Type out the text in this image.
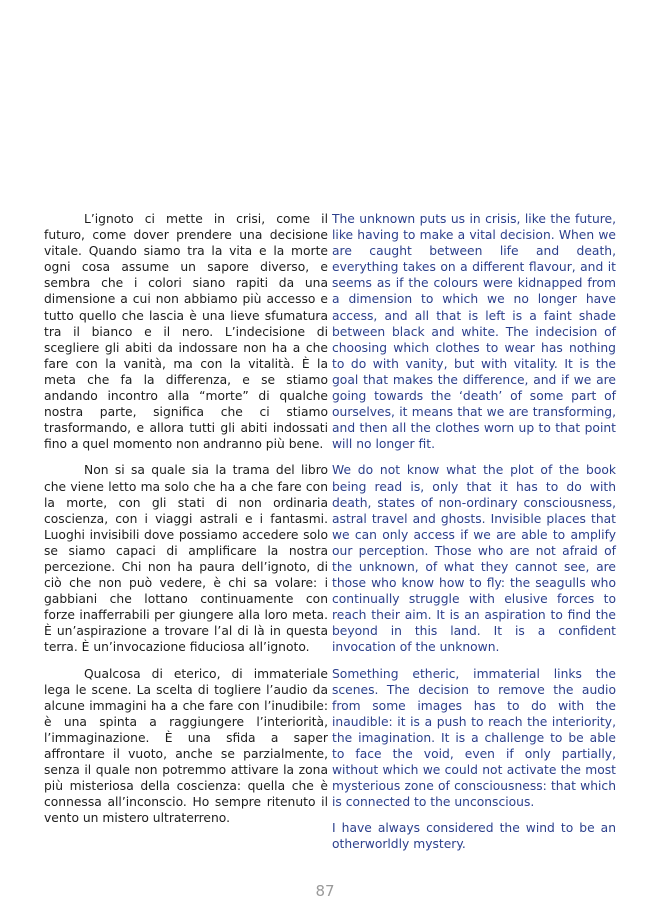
L’ignoto ci mette in crisi, come il futuro, come dover prendere una decisione vitale. Quando siamo tra la vita e la morte ogni cosa assume un sapore diverso, e sembra che i colori siano rapiti da una dimensione a cui non abbiamo più accesso e tutto quello che lascia è una lieve sfumatura tra il bianco e il nero. L’indecisione di scegliere gli abiti da indossare non ha a che fare con la vanità, ma con la vitalità. È la meta che fa la differenza, e se stiamo andando incontro alla “morte” di qualche nostra parte, significa che ci stiamo trasformando, e allora tutti gli abiti indossati fino a quel momento non andranno più bene.

Non si sa quale sia la trama del libro che viene letto ma solo che ha a che fare con la morte, con gli stati di non ordinaria coscienza, con i viaggi astrali e i fantasmi. Luoghi invisibili dove possiamo accedere solo se siamo capaci di amplificare la nostra percezione. Chi non ha paura dell’ignoto, di ciò che non può vedere, è chi sa volare: i gabbiani che lottano continuamente con forze inafferrabili per giungere alla loro meta. È un’aspirazione a trovare l’al di là in questa terra. È un’invocazione fiduciosa all’ignoto.

Qualcosa di eterico, di immateriale lega le scene. La scelta di togliere l’audio da alcune immagini ha a che fare con l’inudibile: è una spinta a raggiungere l’interiorità, l’immaginazione. È una sfida a saper affrontare il vuoto, anche se parzialmente, senza il quale non potremmo attivare la zona più misteriosa della coscienza: quella che è connessa all’inconscio. Ho sempre ritenuto il vento un mistero ultraterreno.

The unknown puts us in crisis, like the future, like having to make a vital decision. When we are caught between life and death, everything takes on a different flavour, and it seems as if the colours were kidnapped from a dimension to which we no longer have access, and all that is left is a faint shade between black and white. The indecision of choosing which clothes to wear has nothing to do with vanity, but with vitality. It is the goal that makes the difference, and if we are going towards the ‘death’ of some part of ourselves, it means that we are transforming, and then all the clothes worn up to that point will no longer fit.

We do not know what the plot of the book being read is, only that it has to do with death, states of non-ordinary consciousness, astral travel and ghosts. Invisible places that we can only access if we are able to amplify our perception. Those who are not afraid of the unknown, of what they cannot see, are those who know how to fly: the seagulls who continually struggle with elusive forces to reach their aim. It is an aspiration to find the beyond in this land. It is a confident invocation of the unknown.

Something etheric, immaterial links the scenes. The decision to remove the audio from some images has to do with the inaudible: it is a push to reach the interiority, the imagination. It is a challenge to be able to face the void, even if only partially, without which we could not activate the most mysterious zone of consciousness: that which is connected to the unconscious.

I have always considered the wind to be an otherworldly mystery.

87
